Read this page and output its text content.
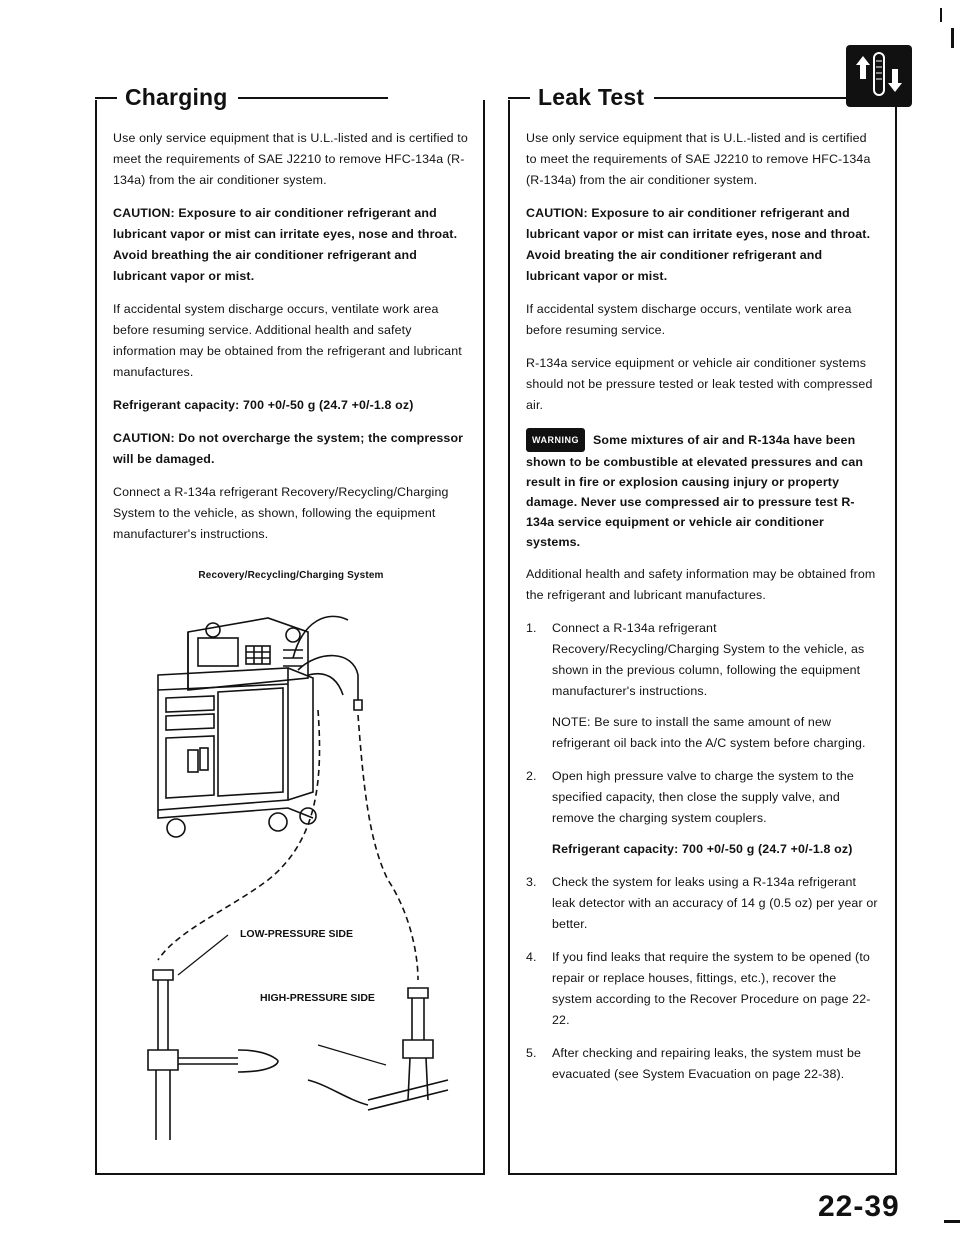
Charging

Use only service equipment that is U.L.-listed and is certified to meet the requirements of SAE J2210 to remove HFC-134a (R-134a) from the air conditioner system.

CAUTION: Exposure to air conditioner refrigerant and lubricant vapor or mist can irritate eyes, nose and throat. Avoid breathing the air conditioner refrigerant and lubricant vapor or mist.

If accidental system discharge occurs, ventilate work area before resuming service. Additional health and safety information may be obtained from the refrigerant and lubricant manufactures.

Refrigerant capacity: 700 +0/-50 g (24.7 +0/-1.8 oz)

CAUTION: Do not overcharge the system; the compressor will be damaged.

Connect a R-134a refrigerant Recovery/Recycling/Charging System to the vehicle, as shown, following the equipment manufacturer's instructions.

Recovery/Recycling/Charging System
LOW-PRESSURE SIDE
HIGH-PRESSURE SIDE
Leak Test

Use only service equipment that is U.L.-listed and is certified to meet the requirements of SAE J2210 to remove HFC-134a (R-134a) from the air conditioner system.

CAUTION: Exposure to air conditioner refrigerant and lubricant vapor or mist can irritate eyes, nose and throat. Avoid breating the air conditioner refrigerant and lubricant vapor or mist.

If accidental system discharge occurs, ventilate work area before resuming service.

R-134a service equipment or vehicle air conditioner systems should not be pressure tested or leak tested with compressed air.

WARNING Some mixtures of air and R-134a have been shown to be combustible at elevated pressures and can result in fire or explosion causing injury or property damage. Never use compressed air to pressure test R-134a service equipment or vehicle air conditioner systems.

Additional health and safety information may be obtained from the refrigerant and lubricant manufactures.

1.	Connect a R-134a refrigerant Recovery/Recycling/Charging System to the vehicle, as shown in the previous column, following the equipment manufacturer's instructions.
NOTE: Be sure to install the same amount of new refrigerant oil back into the A/C system before charging.
2.	Open high pressure valve to charge the system to the specified capacity, then close the supply valve, and remove the charging system couplers.
Refrigerant capacity: 700 +0/-50 g (24.7 +0/-1.8 oz)
3.	Check the system for leaks using a R-134a refrigerant leak detector with an accuracy of 14 g (0.5 oz) per year or better.
4.	If you find leaks that require the system to be opened (to repair or replace houses, fittings, etc.), recover the system according to the Recover Procedure on page 22-22.
5.	After checking and repairing leaks, the system must be evacuated (see System Evacuation on page 22-38).
22-39
